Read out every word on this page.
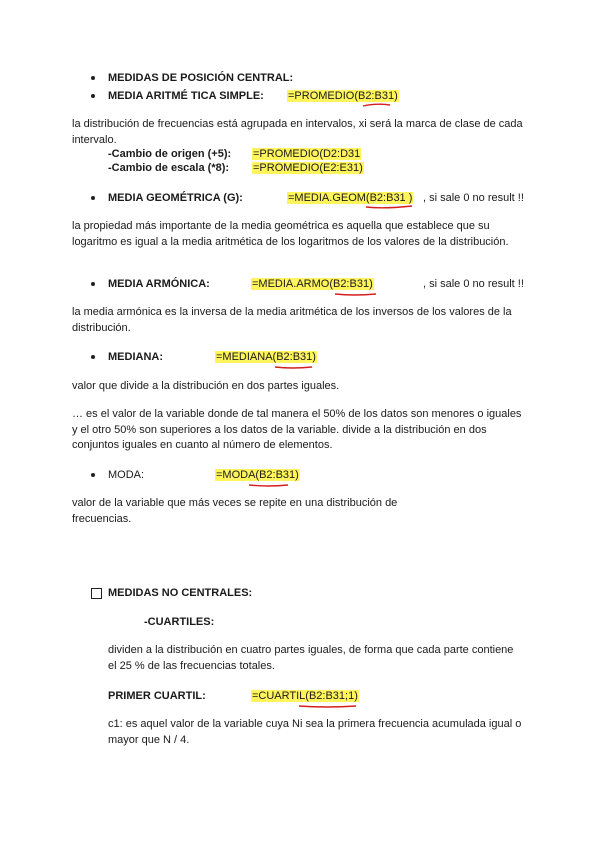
MEDIDAS DE POSICIÓN CENTRAL:
MEDIA ARITMÉ TICA SIMPLE: =PROMEDIO(B2:B31)
la distribución de frecuencias está agrupada en intervalos, xi será la marca de clase de cada
intervalo.
-Cambio de origen (+5): =PROMEDIO(D2:D31
-Cambio de escala (*8): =PROMEDIO(E2:E31)
MEDIA GEOMÉTRICA (G):	=MEDIA.GEOM(B2:B31 ) , si sale 0 no result !!
la propiedad más importante de la media geométrica es aquella que establece que su
logaritmo es igual a la media aritmética de los logaritmos de los valores de la distribución.
MEDIA ARMÓNICA:	=MEDIA.ARMO(B2:B31)	, si sale 0 no result !!
la media armónica es la inversa de la media aritmética de los inversos de los valores de la
distribución.
MEDIANA:	=MEDIANA(B2:B31)
valor que divide a la distribución en dos partes iguales.
… es el valor de la variable donde de tal manera el 50% de los datos son menores o iguales
y el otro 50% son superiores a los datos de la variable. divide a la distribución en dos
conjuntos iguales en cuanto al número de elementos.
MODA:	=MODA(B2:B31)
valor de la variable que más veces se repite en una distribución de
frecuencias.
MEDIDAS NO CENTRALES:
-CUARTILES:
dividen a la distribución en cuatro partes iguales, de forma que cada parte contiene
el 25 % de las frecuencias totales.
PRIMER CUARTIL:	=CUARTIL(B2:B31;1)
c1: es aquel valor de la variable cuya Ni sea la primera frecuencia acumulada igual o
mayor que N / 4.
